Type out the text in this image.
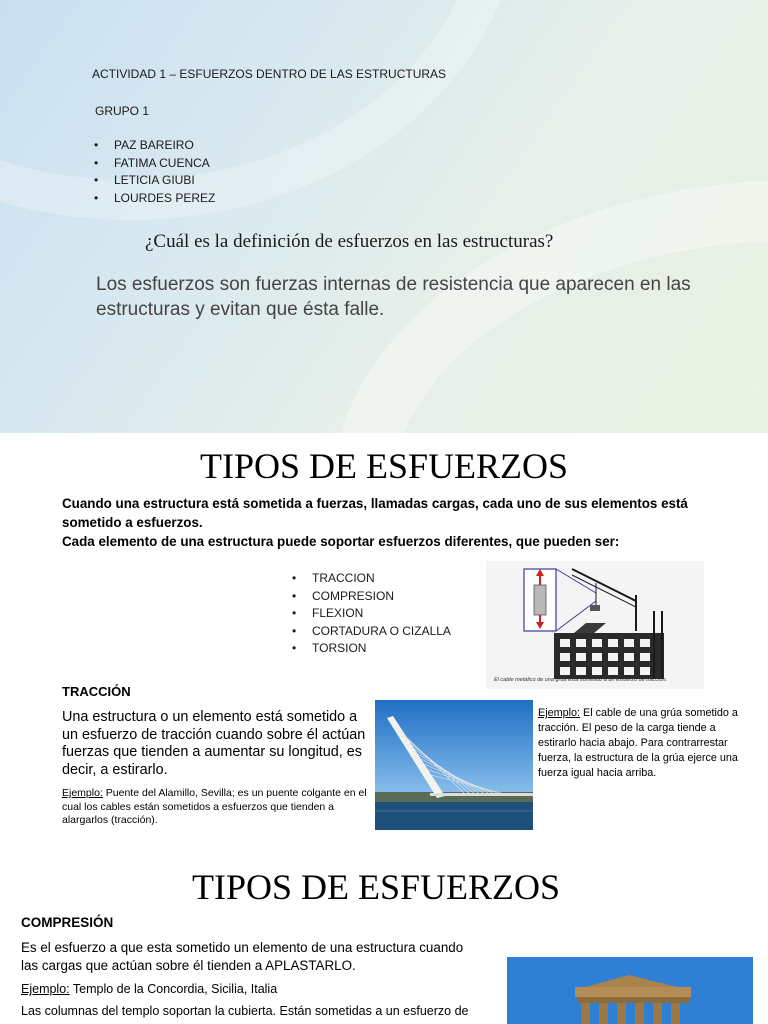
ACTIVIDAD 1 – ESFUERZOS DENTRO DE LAS ESTRUCTURAS

GRUPO 1

• PAZ BAREIRO
• FATIMA CUENCA
• LETICIA GIUBI
• LOURDES PEREZ

¿Cuál es la definición de esfuerzos en las estructuras?

Los esfuerzos son fuerzas internas de resistencia que aparecen en las estructuras y evitan que ésta falle.

TIPOS DE ESFUERZOS

Cuando una estructura está sometida a fuerzas, llamadas cargas, cada uno de sus elementos está sometido a esfuerzos.

Cada elemento de una estructura puede soportar esfuerzos diferentes, que pueden ser:

• TRACCION
• COMPRESION
• FLEXION
• CORTADURA O CIZALLA
• TORSION

El cable metálico de una grúa está sometido a un esfuerzo de tracción.

TRACCIÓN

Una estructura o un elemento está sometido a un esfuerzo de tracción cuando sobre él actúan fuerzas que tienden a aumentar su longitud, es decir, a estirarlo.

Ejemplo: Puente del Alamillo, Sevilla; es un puente colgante en el cual los cables están sometidos a esfuerzos que tienden a alargarlos (tracción).

Ejemplo: El cable de una grúa sometido a tracción. El peso de la carga tiende a estirarlo hacia abajo. Para contrarrestar fuerza, la estructura de la grúa ejerce una fuerza igual hacia arriba.

TIPOS DE ESFUERZOS

COMPRESIÓN

Es el esfuerzo a que esta sometido un elemento de una estructura cuando las cargas que actúan sobre él tienden a APLASTARLO.

Ejemplo: Templo de la Concordia, Sicilia, Italia

Las columnas del templo soportan la cubierta. Están sometidas a un esfuerzo de
